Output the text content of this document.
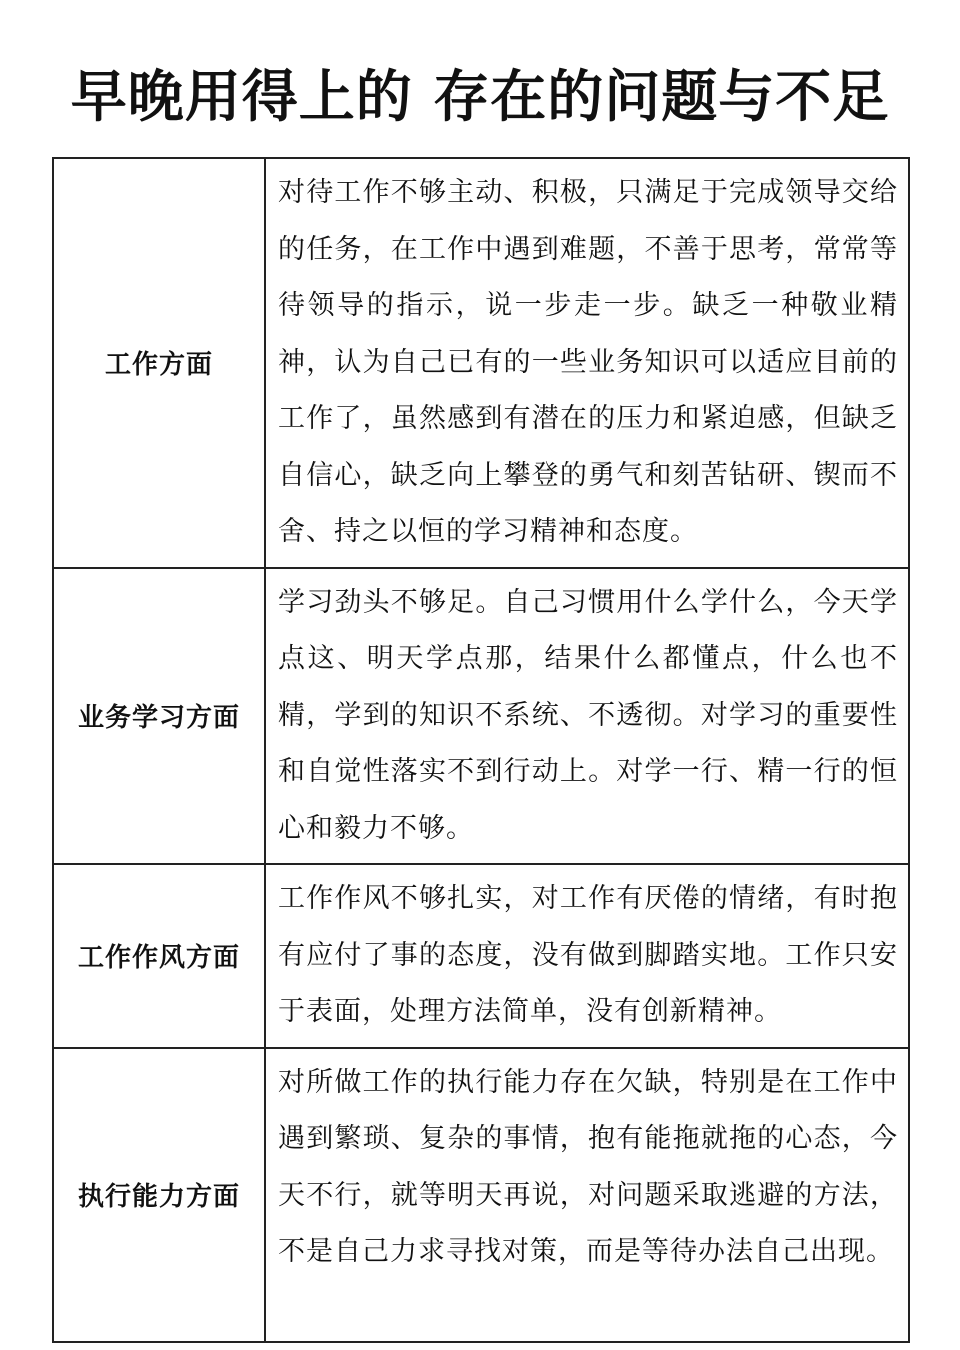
早晚用得上的 存在的问题与不足
工作方面	对待工作不够主动、积极，只满足于完成领导交给的任务，在工作中遇到难题，不善于思考，常常等待领导的指示，说一步走一步。缺乏一种敬业精神，认为自己已有的一些业务知识可以适应目前的工作了，虽然感到有潜在的压力和紧迫感，但缺乏自信心，缺乏向上攀登的勇气和刻苦钻研、锲而不舍、持之以恒的学习精神和态度。
业务学习方面	学习劲头不够足。自己习惯用什么学什么，今天学点这、明天学点那，结果什么都懂点，什么也不精，学到的知识不系统、不透彻。对学习的重要性和自觉性落实不到行动上。对学一行、精一行的恒心和毅力不够。
工作作风方面	工作作风不够扎实，对工作有厌倦的情绪，有时抱有应付了事的态度，没有做到脚踏实地。工作只安于表面，处理方法简单，没有创新精神。
执行能力方面	对所做工作的执行能力存在欠缺，特别是在工作中遇到繁琐、复杂的事情，抱有能拖就拖的心态，今天不行，就等明天再说，对问题采取逃避的方法，不是自己力求寻找对策，而是等待办法自己出现。
